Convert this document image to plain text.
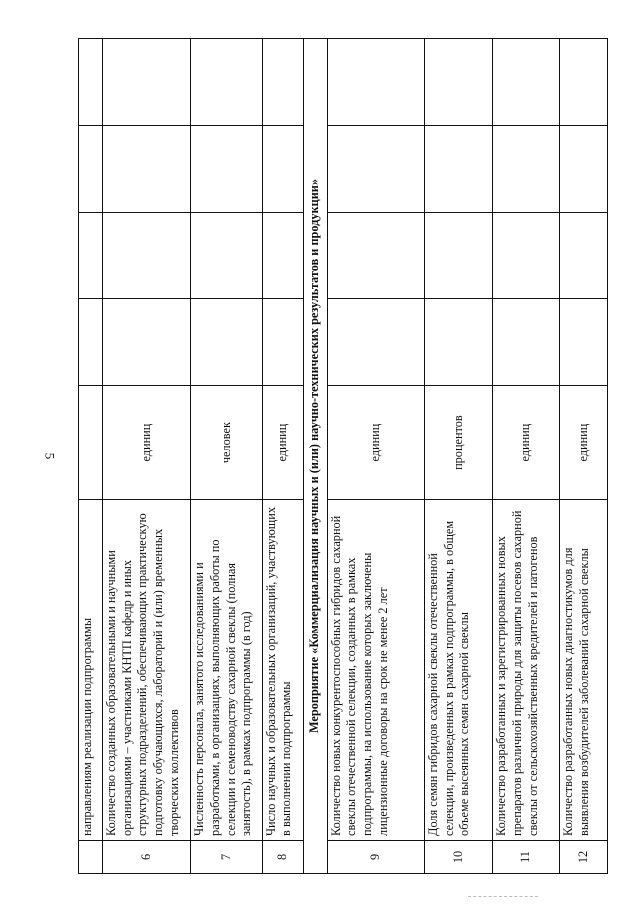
5
	направлениям реализации подпрограммы					
6	Количество созданных образовательными и научными организациями – участниками КНТП кафедр и иных структурных подразделений, обеспечивающих практическую подготовку обучающихся, лабораторий и (или) временных творческих коллективов	единиц				
7	Численность персонала, занятого исследованиями и разработками, в организациях, выполняющих работы по селекции и семеноводству сахарной свеклы (полная занятость), в рамках подпрограммы (в год)	человек				
8	Число научных и образовательных организаций, участвующих в выполнении подпрограммы	единиц				
Мероприятие «Коммерциализация научных и (или) научно-технических результатов и продукции»						
9	Количество новых конкурентоспособных гибридов сахарной свеклы отечественной селекции, созданных в рамках подпрограммы, на использование которых заключены лицензионные договоры на срок не менее 2 лет	единиц				
10	Доля семян гибридов сахарной свеклы отечественной селекции, произведенных в рамках подпрограммы, в общем объеме высеянных семян сахарной свеклы	процентов				
11	Количество разработанных и зарегистрированных новых препаратов различной природы для защиты посевов сахарной свеклы от сельскохозяйственных вредителей и патогенов	единиц				
12	Количество разработанных новых диагностикумов для выявления возбудителей заболеваний сахарной свеклы	единиц				
